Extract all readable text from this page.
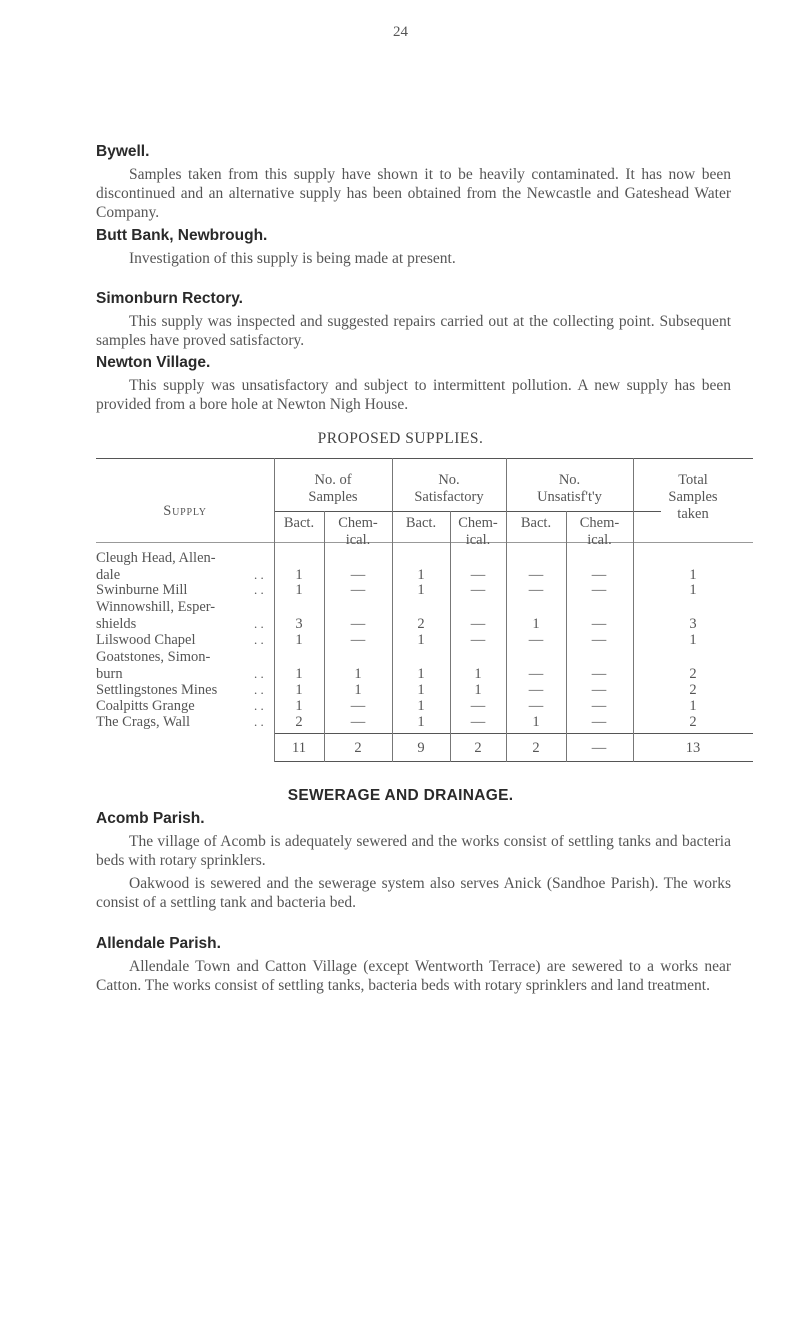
24
Bywell.

Samples taken from this supply have shown it to be heavily contaminated. It has now been discontinued and an alternative supply has been obtained from the Newcastle and Gateshead Water Company.

Butt Bank, Newbrough.

Investigation of this supply is being made at present.

Simonburn Rectory.

This supply was inspected and suggested repairs carried out at the collecting point. Subsequent samples have proved satisfactory.

Newton Village.

This supply was unsatisfactory and subject to intermittent pollution. A new supply has been provided from a bore hole at Newton Nigh House.

PROPOSED SUPPLIES.
Supply
No. of
Samples
No.
Satisfactory
No.
Unsatisf't'y
Total
Samples
taken
Bact.	Chem-
ical.
Bact.	Chem-
ical.
Bact.	Chem-
ical.
Cleugh Head, Allen-
dale	. .	1	—	1	—	—	—	1
Swinburne Mill	. .	1	—	1	—	—	—	1
Winnowshill, Esper-
shields	. .	3	—	2	—	1	—	3
Lilswood Chapel	. .	1	—	1	—	—	—	1
Goatstones, Simon-
burn	. .	1	1	1	1	—	—	2
Settlingstones Mines	. .	1	1	1	1	—	—	2
Coalpitts Grange	. .	1	—	1	—	—	—	1
The Crags, Wall	. .	2	—	1	—	1	—	2
11	2	9	2	2	—	13
SEWERAGE AND DRAINAGE.
Acomb Parish.

The village of Acomb is adequately sewered and the works consist of settling tanks and bacteria beds with rotary sprinklers.

Oakwood is sewered and the sewerage system also serves Anick (Sandhoe Parish). The works consist of a settling tank and bacteria bed.

Allendale Parish.

Allendale Town and Catton Village (except Wentworth Terrace) are sewered to a works near Catton. The works consist of settling tanks, bacteria beds with rotary sprinklers and land treatment.
